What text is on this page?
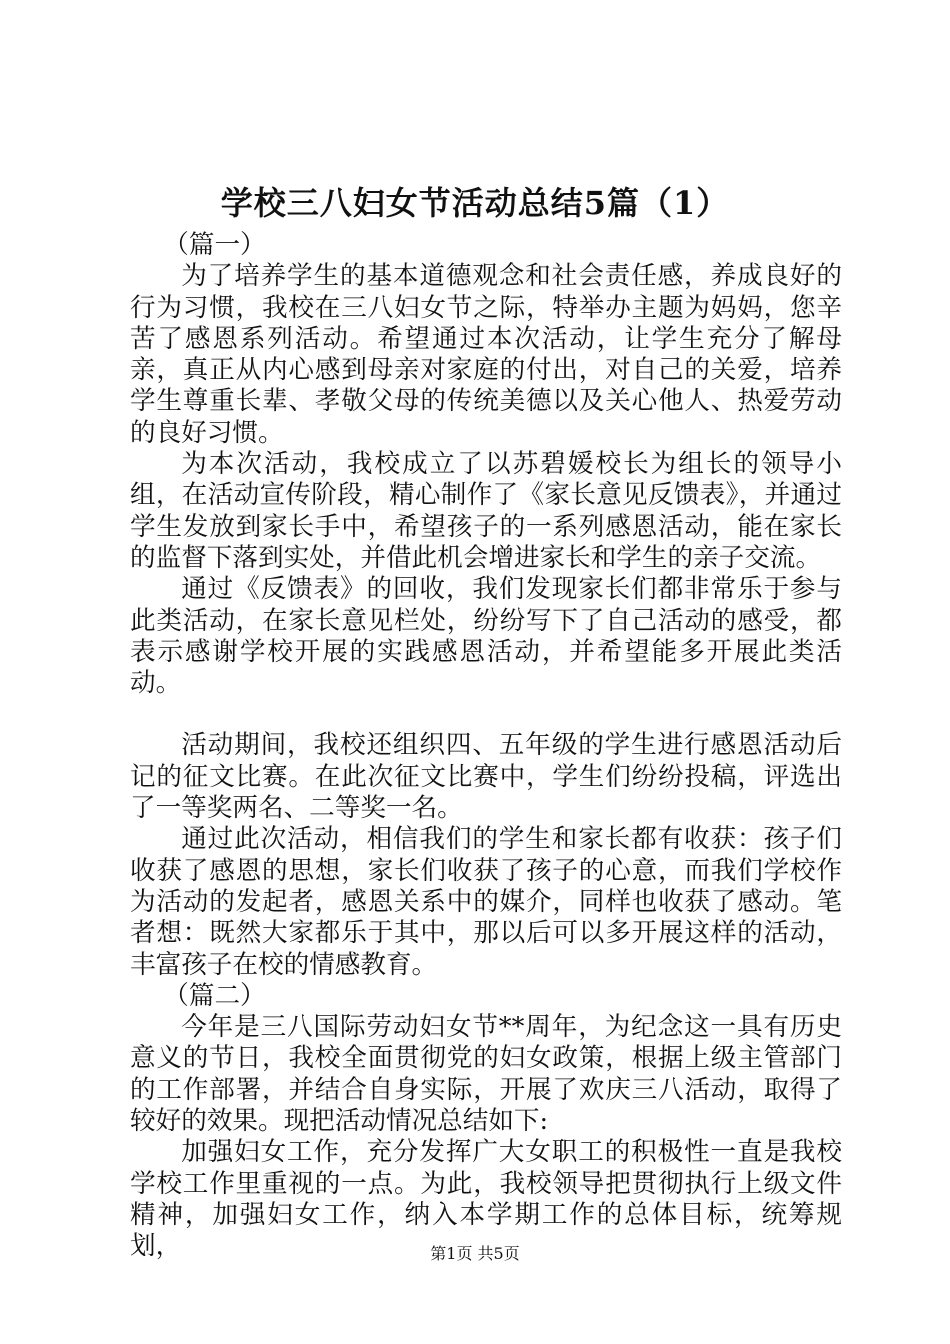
学校三八妇女节活动总结5篇（1）

（篇一）

为了培养学生的基本道德观念和社会责任感，养成良好的行为习惯，我校在三八妇女节之际，特举办主题为妈妈，您辛苦了感恩系列活动。希望通过本次活动，让学生充分了解母亲，真正从内心感到母亲对家庭的付出，对自己的关爱，培养学生尊重长辈、孝敬父母的传统美德以及关心他人、热爱劳动的良好习惯。

为本次活动，我校成立了以苏碧媛校长为组长的领导小组，在活动宣传阶段，精心制作了《家长意见反馈表》，并通过学生发放到家长手中，希望孩子的一系列感恩活动，能在家长的监督下落到实处，并借此机会增进家长和学生的亲子交流。

通过《反馈表》的回收，我们发现家长们都非常乐于参与此类活动，在家长意见栏处，纷纷写下了自己活动的感受，都表示感谢学校开展的实践感恩活动，并希望能多开展此类活动。

活动期间，我校还组织四、五年级的学生进行感恩活动后记的征文比赛。在此次征文比赛中，学生们纷纷投稿，评选出了一等奖两名、二等奖一名。

通过此次活动，相信我们的学生和家长都有收获：孩子们收获了感恩的思想，家长们收获了孩子的心意，而我们学校作为活动的发起者，感恩关系中的媒介，同样也收获了感动。笔者想：既然大家都乐于其中，那以后可以多开展这样的活动，丰富孩子在校的情感教育。

（篇二）

今年是三八国际劳动妇女节**周年，为纪念这一具有历史意义的节日，我校全面贯彻党的妇女政策，根据上级主管部门的工作部署，并结合自身实际，开展了欢庆三八活动，取得了较好的效果。现把活动情况总结如下:

加强妇女工作，充分发挥广大女职工的积极性一直是我校学校工作里重视的一点。为此，我校领导把贯彻执行上级文件精神，加强妇女工作，纳入本学期工作的总体目标，统筹规划，	第1页 共5页
